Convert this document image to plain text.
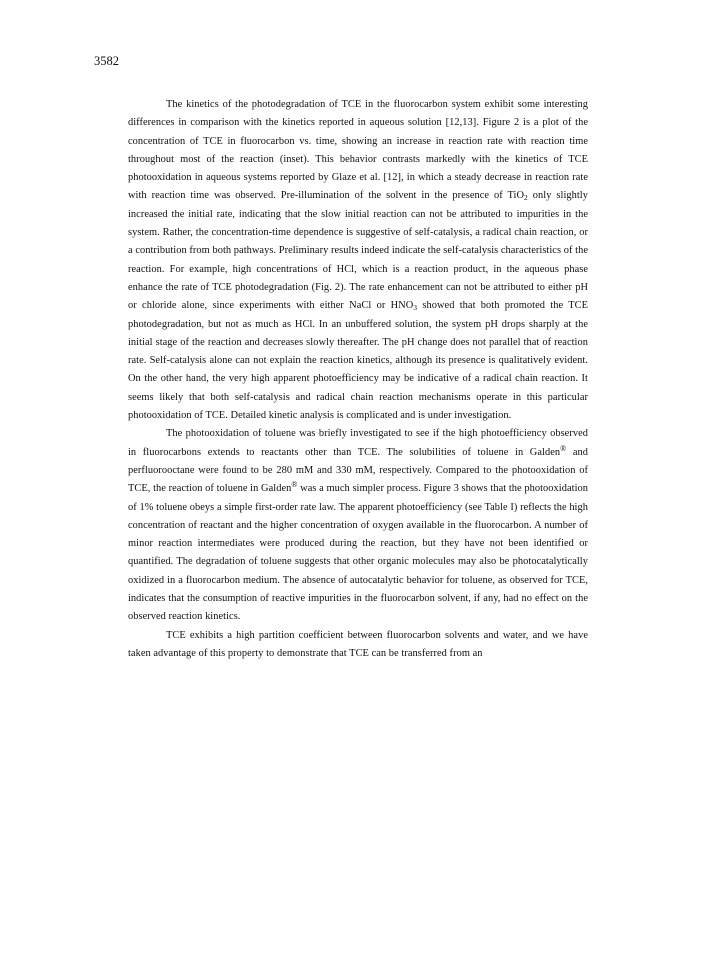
3582

The kinetics of the photodegradation of TCE in the fluorocarbon system exhibit some interesting differences in comparison with the kinetics reported in aqueous solution [12,13]. Figure 2 is a plot of the concentration of TCE in fluorocarbon vs. time, showing an increase in reaction rate with reaction time throughout most of the reaction (inset). This behavior contrasts markedly with the kinetics of TCE photooxidation in aqueous systems reported by Glaze et al. [12], in which a steady decrease in reaction rate with reaction time was observed. Pre-illumination of the solvent in the presence of TiO$_2$ only slightly increased the initial rate, indicating that the slow initial reaction can not be attributed to impurities in the system. Rather, the concentration-time dependence is suggestive of self-catalysis, a radical chain reaction, or a contribution from both pathways. Preliminary results indeed indicate the self-catalysis characteristics of the reaction. For example, high concentrations of HCl, which is a reaction product, in the aqueous phase enhance the rate of TCE photodegradation (Fig. 2). The rate enhancement can not be attributed to either pH or chloride alone, since experiments with either NaCl or $HNO_3$ showed that both promoted the TCE photodegradation, but not as much as HCl. In an unbuffered solution, the system pH drops sharply at the initial stage of the reaction and decreases slowly thereafter. The pH change does not parallel that of reaction rate. Self-catalysis alone can not explain the reaction kinetics, although its presence is qualitatively evident. On the other hand, the very high apparent photoefficiency may be indicative of a radical chain reaction. It seems likely that both self-catalysis and radical chain reaction mechanisms operate in this particular photooxidation of TCE. Detailed kinetic analysis is complicated and is under investigation.

The photooxidation of toluene was briefly investigated to see if the high photoefficiency observed in fluorocarbons extends to reactants other than TCE. The solubilities of toluene in Galden® and perfluorooctane were found to be 280 mM and 330 mM, respectively. Compared to the photooxidation of TCE, the reaction of toluene in Galden® was a much simpler process. Figure 3 shows that the photooxidation of 1% toluene obeys a simple first-order rate law. The apparent photoefficiency (see Table I) reflects the high concentration of reactant and the higher concentration of oxygen available in the fluorocarbon. A number of minor reaction intermediates were produced during the reaction, but they have not been identified or quantified. The degradation of toluene suggests that other organic molecules may also be photocatalytically oxidized in a fluorocarbon medium. The absence of autocatalytic behavior for toluene, as observed for TCE, indicates that the consumption of reactive impurities in the fluorocarbon solvent, if any, had no effect on the observed reaction kinetics.

TCE exhibits a high partition coefficient between fluorocarbon solvents and water, and we have taken advantage of this property to demonstrate that TCE can be transferred from an
